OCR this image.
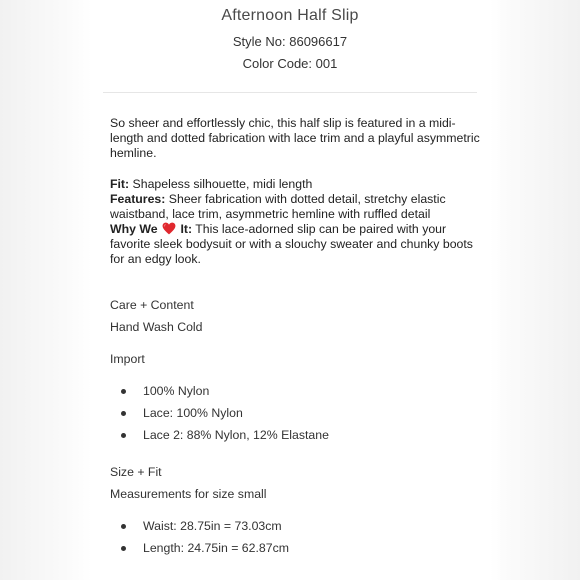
Afternoon Half Slip
Style No: 86096617
Color Code: 001

So sheer and effortlessly chic, this half slip is featured in a midi-length and dotted fabrication with lace trim and a playful asymmetric hemline.

Fit: Shapeless silhouette, midi length

Features: Sheer fabrication with dotted detail, stretchy elastic waistband, lace trim, asymmetric hemline with ruffled detail

Why We It: This lace-adorned slip can be paired with your favorite sleek bodysuit or with a slouchy sweater and chunky boots for an edgy look.

Care + Content
Hand Wash Cold
Import
100% Nylon
Lace: 100% Nylon
Lace 2: 88% Nylon, 12% Elastane
Size + Fit
Measurements for size small
Waist: 28.75in = 73.03cm
Length: 24.75in = 62.87cm
